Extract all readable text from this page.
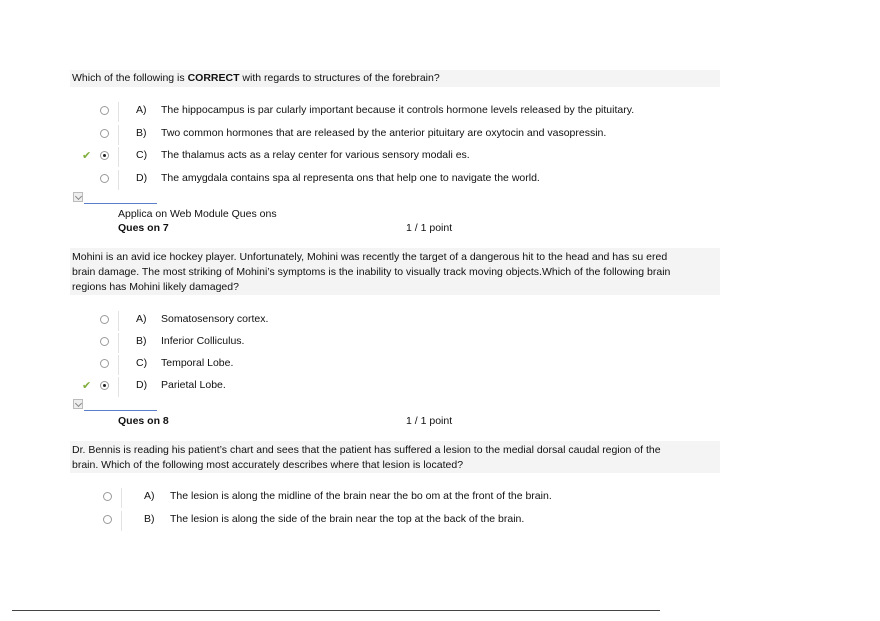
Which of the following is CORRECT with regards to structures of the forebrain?
A) The hippocampus is par cularly important because it controls hormone levels released by the pituitary.
B) Two common hormones that are released by the anterior pituitary are oxytocin and vasopressin.
✔	C) The thalamus acts as a relay center for various sensory modali es.
D) The amygdala contains spa al representa ons that help one to navigate the world.
Applica on Web Module Ques ons
Ques on 7	1 / 1 point
Mohini is an avid ice hockey player. Unfortunately, Mohini was recently the target of a dangerous hit to the head and has su ered
brain damage. The most striking of Mohini’s symptoms is the inability to visually track moving objects.Which of the following brain
regions has Mohini likely damaged?
A) Somatosensory cortex.
B) Inferior Colliculus.
C) Temporal Lobe.
✔	D) Parietal Lobe.
Ques on 8	1 / 1 point
Dr. Bennis is reading his patient’s chart and sees that the patient has suffered a lesion to the medial dorsal caudal region of the
brain. Which of the following most accurately describes where that lesion is located?
A) The lesion is along the midline of the brain near the bo om at the front of the brain.
B) The lesion is along the side of the brain near the top at the back of the brain.
